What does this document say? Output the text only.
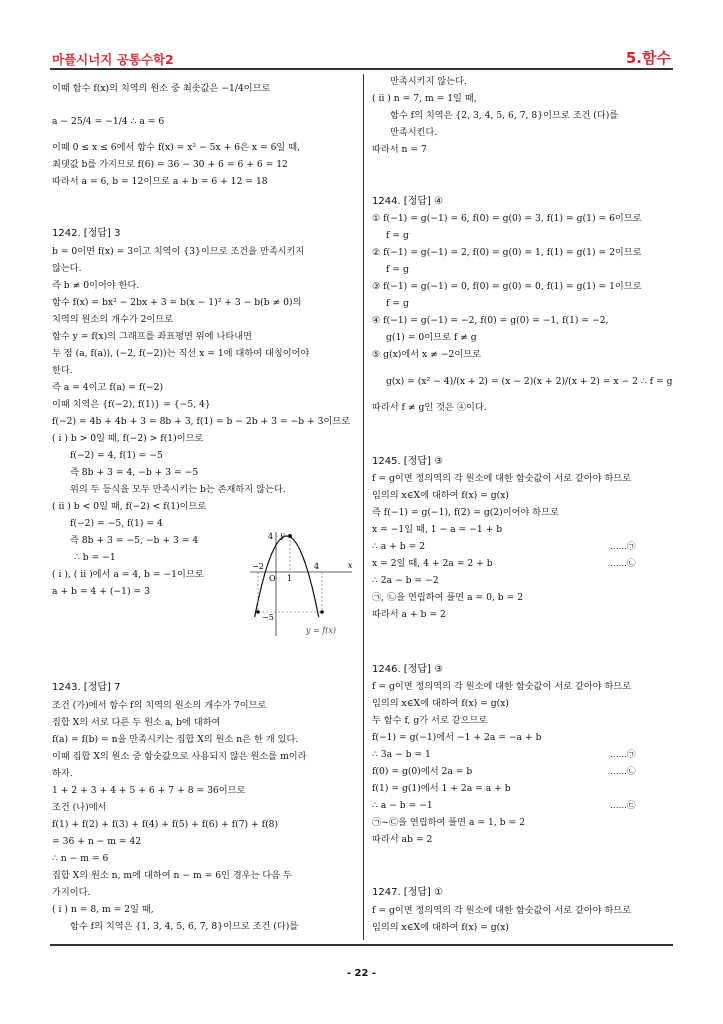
마플시너지 공통수학2	5.함수
- 22 -
이때 함수 f(x)의 치역의 원소 중 최솟값은 −1/4이므로
a − 25/4 = −1/4 ∴ a = 6
이때 0 ≤ x ≤ 6에서 함수 f(x) = x² − 5x + 6은 x = 6일 때,
최댓값 b를 가지므로 f(6) = 36 − 30 + 6 = 6 + 6 = 12
따라서 a = 6, b = 12이므로 a + b = 6 + 12 = 18
1242. [정답] 3
b = 0이면 f(x) = 3이고 치역이 {3}이므로 조건을 만족시키지
않는다.
즉 b ≠ 0이어야 한다.
함수 f(x) = bx² − 2bx + 3 = b(x − 1)² + 3 − b(b ≠ 0)의
치역의 원소의 개수가 2이므로
함수 y = f(x)의 그래프를 좌표평면 위에 나타내면
두 점 (a, f(a)), (−2, f(−2))는 직선 x = 1에 대하여 대칭이어야
한다.
즉 a = 4이고 f(a) = f(−2)
이때 치역은 {f(−2), f(1)} = {−5, 4}
f(−2) = 4b + 4b + 3 = 8b + 3, f(1) = b − 2b + 3 = −b + 3이므로
( i ) b > 0일 때, f(−2) > f(1)이므로
f(−2) = 4, f(1) = −5
즉 8b + 3 = 4, −b + 3 = −5
위의 두 등식을 모두 만족시키는 b는 존재하지 않는다.
( ii ) b < 0일 때, f(−2) < f(1)이므로
f(−2) = −5, f(1) = 4
즉 8b + 3 = −5, −b + 3 = 4
∴ b = −1
( i ), ( ii )에서 a = 4, b = −1이므로
a + b = 4 + (−1) = 3
1243. [정답] 7
조건 (가)에서 함수 f의 치역의 원소의 개수가 7이므로
집합 X의 서로 다른 두 원소 a, b에 대하여
f(a) = f(b) = n을 만족시키는 집합 X의 원소 n은 한 개 있다.
이때 집합 X의 원소 중 함숫값으로 사용되지 않은 원소를 m이라
하자.
1 + 2 + 3 + 4 + 5 + 6 + 7 + 8 = 36이므로
조건 (나)에서
f(1) + f(2) + f(3) + f(4) + f(5) + f(6) + f(7) + f(8)
= 36 + n − m = 42
∴ n − m = 6
집합 X의 원소 n, m에 대하여 n − m = 6인 경우는 다음 두
가지이다.
( i ) n = 8, m = 2일 때,
함수 f의 치역은 {1, 3, 4, 5, 6, 7, 8}이므로 조건 (다)를
만족시키지 않는다.
( ii ) n = 7, m = 1일 때,
함수 f의 치역은 {2, 3, 4, 5, 6, 7, 8}이므로 조건 (다)를
만족시킨다.
따라서 n = 7
1244. [정답] ④
① f(−1) = g(−1) = 6, f(0) = g(0) = 3, f(1) = g(1) = 6이므로
f = g
② f(−1) = g(−1) = 2, f(0) = g(0) = 1, f(1) = g(1) = 2이므로
f = g
③ f(−1) = g(−1) = 0, f(0) = g(0) = 0, f(1) = g(1) = 1이므로
f = g
④ f(−1) = g(−1) = −2, f(0) = g(0) = −1, f(1) = −2,
g(1) = 0이므로 f ≠ g
⑤ g(x)에서 x ≠ −2이므로
g(x) = (x² − 4)/(x + 2) = (x − 2)(x + 2)/(x + 2) = x − 2 ∴ f = g
따라서 f ≠ g인 것은 ④이다.
1245. [정답] ③
f = g이면 정의역의 각 원소에 대한 함숫값이 서로 같아야 하므로
임의의 x∈X에 대하여 f(x) = g(x)
즉 f(−1) = g(−1), f(2) = g(2)이어야 하므로
x = −1일 때, 1 − a = −1 + b
∴ a + b = 2
x = 2일 때, 4 + 2a = 2 + b
∴ 2a − b = −2
㉠, ㉡을 연립하여 풀면 a = 0, b = 2
따라서 a + b = 2
1246. [정답] ③
f = g이면 정의역의 각 원소에 대한 함숫값이 서로 같아야 하므로
임의의 x∈X에 대하여 f(x) = g(x)
두 함수 f, g가 서로 같으므로
f(−1) = g(−1)에서 −1 + 2a = −a + b
∴ 3a − b = 1
f(0) = g(0)에서 2a = b
f(1) = g(1)에서 1 + 2a = a + b
∴ a − b = −1
㉠~㉢을 연립하여 풀면 a = 1, b = 2
따라서 ab = 2
1247. [정답] ①
f = g이면 정의역의 각 원소에 대한 함숫값이 서로 같아야 하므로
임의의 x∈X에 대하여 f(x) = g(x)
……㉠
……㉡
……㉠
……㉡
……㉢
y
x
O
4
−5
−2
1
4
y = f(x)
